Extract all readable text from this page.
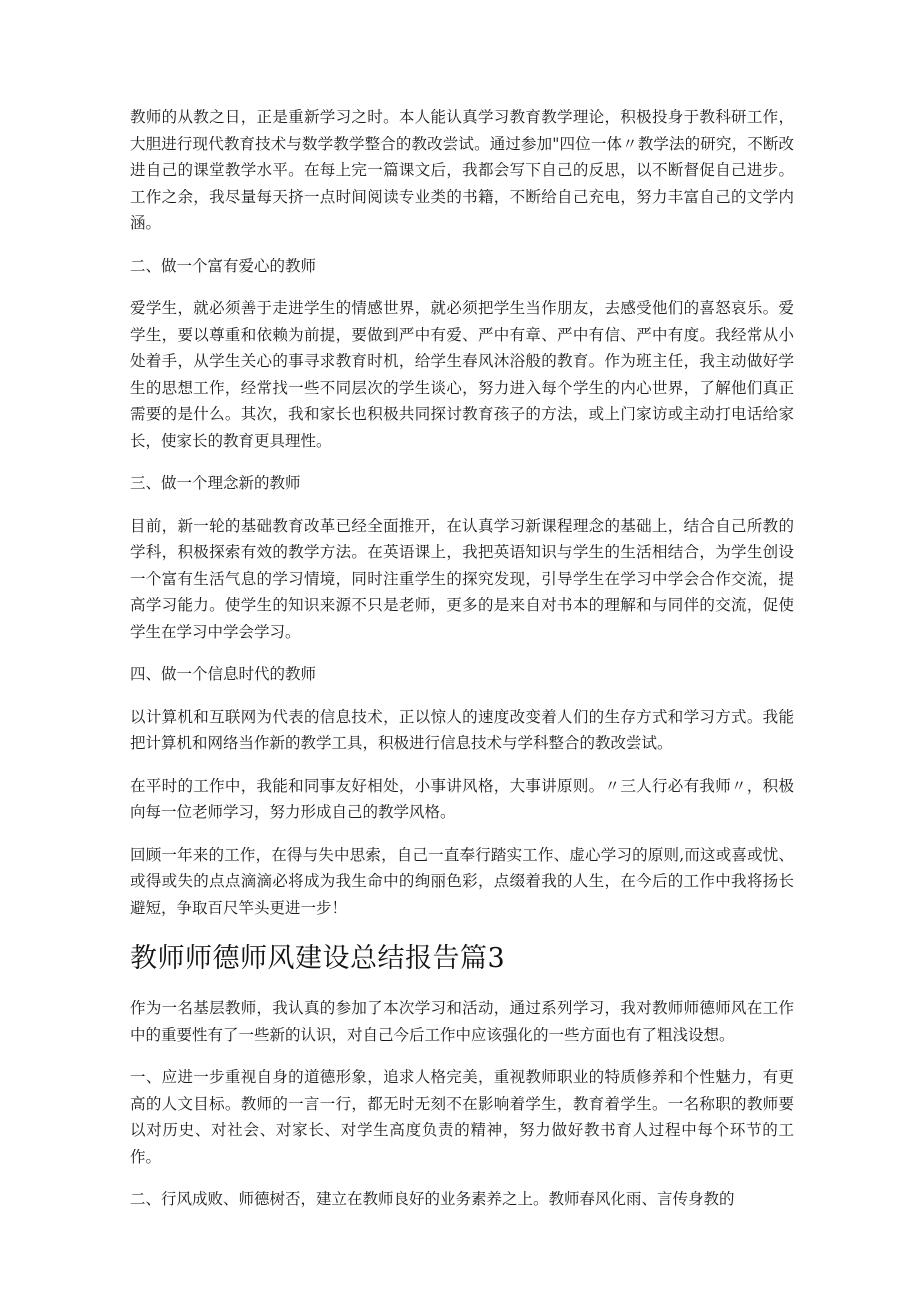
教师的从教之日，正是重新学习之时。本人能认真学习教育教学理论，积极投身于教科研工作，大胆进行现代教育技术与数学教学整合的教改尝试。通过参加"四位一体〃教学法的研究，不断改进自己的课堂教学水平。在每上完一篇课文后，我都会写下自己的反思，以不断督促自己进步。工作之余，我尽量每天挤一点时间阅读专业类的书籍，不断给自己充电，努力丰富自己的文学内涵。

二、做一个富有爱心的教师

爱学生，就必须善于走进学生的情感世界，就必须把学生当作朋友，去感受他们的喜怒哀乐。爱学生，要以尊重和依赖为前提，要做到严中有爱、严中有章、严中有信、严中有度。我经常从小处着手，从学生关心的事寻求教育时机，给学生春风沐浴般的教育。作为班主任，我主动做好学生的思想工作，经常找一些不同层次的学生谈心，努力进入每个学生的内心世界，了解他们真正需要的是什么。其次，我和家长也积极共同探讨教育孩子的方法，或上门家访或主动打电话给家长，使家长的教育更具理性。

三、做一个理念新的教师

目前，新一轮的基础教育改革已经全面推开，在认真学习新课程理念的基础上，结合自己所教的学科，积极探索有效的教学方法。在英语课上，我把英语知识与学生的生活相结合，为学生创设一个富有生活气息的学习情境，同时注重学生的探究发现，引导学生在学习中学会合作交流，提高学习能力。使学生的知识来源不只是老师，更多的是来自对书本的理解和与同伴的交流，促使学生在学习中学会学习。

四、做一个信息时代的教师

以计算机和互联网为代表的信息技术，正以惊人的速度改变着人们的生存方式和学习方式。我能把计算机和网络当作新的教学工具，积极进行信息技术与学科整合的教改尝试。

在平时的工作中，我能和同事友好相处，小事讲风格，大事讲原则。〃三人行必有我师〃，积极向每一位老师学习，努力形成自己的教学风格。

回顾一年来的工作，在得与失中思索，自己一直奉行踏实工作、虚心学习的原则,而这或喜或忧、或得或失的点点滴滴必将成为我生命中的绚丽色彩，点缀着我的人生，在今后的工作中我将扬长避短，争取百尺竿头更进一步！

教师师德师风建设总结报告篇3

作为一名基层教师，我认真的参加了本次学习和活动，通过系列学习，我对教师师德师风在工作中的重要性有了一些新的认识，对自己今后工作中应该强化的一些方面也有了粗浅设想。

一、应进一步重视自身的道德形象，追求人格完美，重视教师职业的特质修养和个性魅力，有更高的人文目标。教师的一言一行，都无时无刻不在影响着学生，教育着学生。一名称职的教师要以对历史、对社会、对家长、对学生高度负责的精神，努力做好教书育人过程中每个环节的工作。

二、行风成败、师德树否，建立在教师良好的业务素养之上。教师春风化雨、言传身教的
